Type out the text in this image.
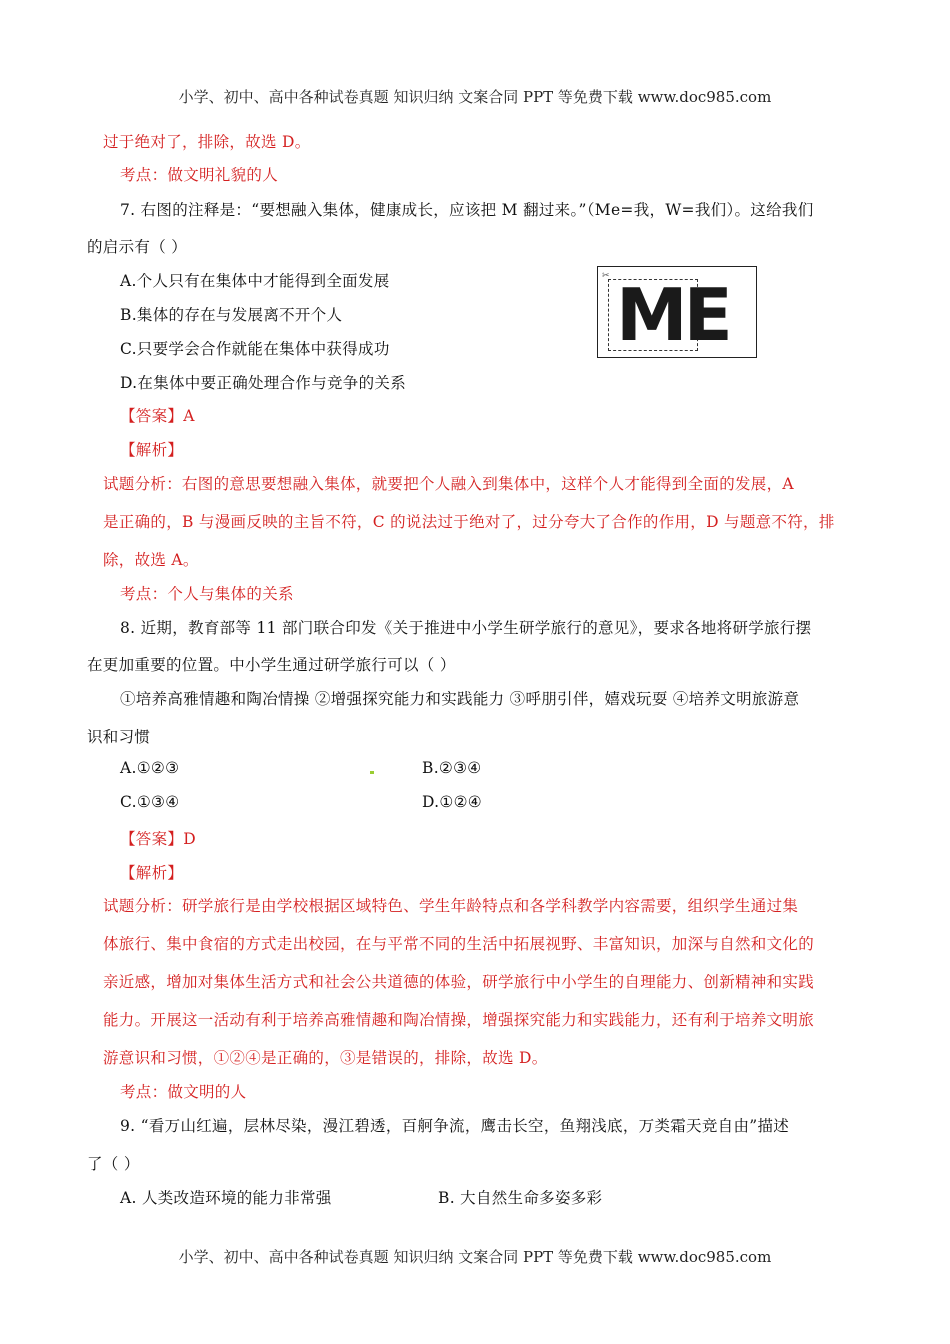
小学、初中、高中各种试卷真题 知识归纳 文案合同 PPT 等免费下载 www.doc985.com
过于绝对了，排除，故选 D。
考点：做文明礼貌的人
7. 右图的注释是：“要想融入集体，健康成长，应该把 M 翻过来。”（Me=我，W=我们）。这给我们
的启示有（ ）
A.个人只有在集体中才能得到全面发展
B.集体的存在与发展离不开个人
C.只要学会合作就能在集体中获得成功
D.在集体中要正确处理合作与竞争的关系
✂ ME
【答案】A
【解析】
试题分析：右图的意思要想融入集体，就要把个人融入到集体中，这样个人才能得到全面的发展，A
是正确的，B 与漫画反映的主旨不符，C 的说法过于绝对了，过分夸大了合作的作用，D 与题意不符，排
除，故选 A。
考点：个人与集体的关系
8. 近期，教育部等 11 部门联合印发《关于推进中小学生研学旅行的意见》，要求各地将研学旅行摆
在更加重要的位置。中小学生通过研学旅行可以（ ）
①培养高雅情趣和陶冶情操 ②增强探究能力和实践能力 ③呼朋引伴，嬉戏玩耍 ④培养文明旅游意
识和习惯
A.①②③	B.②③④
C.①③④	D.①②④
【答案】D
【解析】
试题分析：研学旅行是由学校根据区域特色、学生年龄特点和各学科教学内容需要，组织学生通过集
体旅行、集中食宿的方式走出校园，在与平常不同的生活中拓展视野、丰富知识，加深与自然和文化的
亲近感，增加对集体生活方式和社会公共道德的体验，研学旅行中小学生的自理能力、创新精神和实践
能力。开展这一活动有利于培养高雅情趣和陶冶情操，增强探究能力和实践能力，还有利于培养文明旅
游意识和习惯，①②④是正确的，③是错误的，排除，故选 D。
考点：做文明的人
9. “看万山红遍，层林尽染，漫江碧透，百舸争流，鹰击长空，鱼翔浅底，万类霜天竞自由”描述
了（ ）
A. 人类改造环境的能力非常强	B. 大自然生命多姿多彩
小学、初中、高中各种试卷真题 知识归纳 文案合同 PPT 等免费下载 www.doc985.com
